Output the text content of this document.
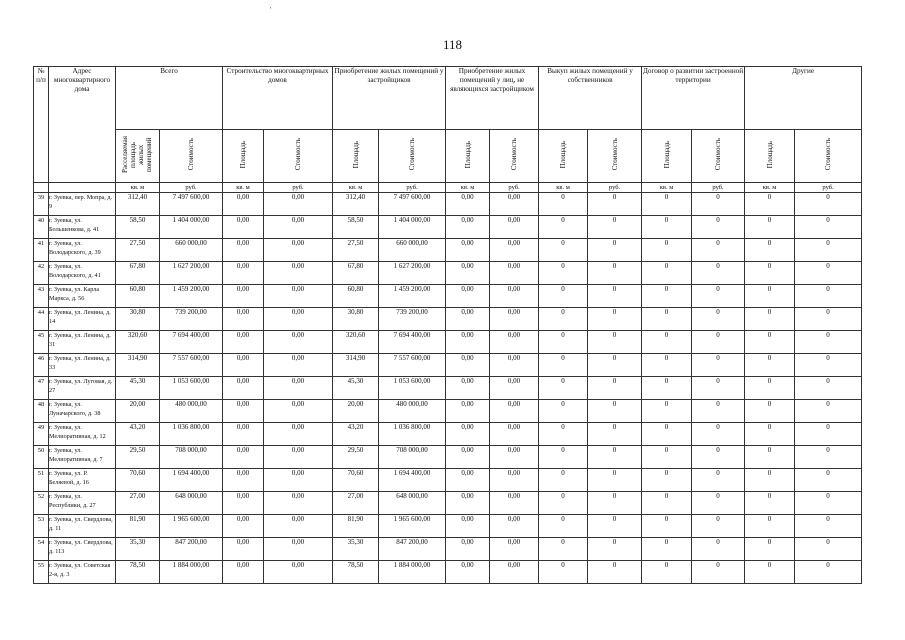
118
№ п/п	Адрес многоквартирного дома	Всего		Строительство многоквартирных домов		Приобретение жилых помещений у застройщиков		Приобретение жилых помещений у лиц, не являющихся застройщиком		Выкуп жилых помещений у собственников		Договор о развитии застроенной территории		Другие	
		Расселяемая площадь жилых помещений	Стоимость	Площадь	Стоимость	Площадь	Стоимость	Площадь	Стоимость	Площадь	Стоимость	Площадь	Стоимость	Площадь	Стоимость
		кв. м	руб.	кв. м	руб.	кв. м	руб.	кв. м	руб.	кв. м	руб.	кв. м	руб.	кв. м	руб.
39	г. Зуевка, пер. Мопра, д. 9	312,40	7 497 600,00	0,00	0,00	312,40	7 497 600,00	0,00	0,00	0	0	0	0	0	0
40	г. Зуевка, ул. Большенкова, д. 41	58,50	1 404 000,00	0,00	0,00	58,50	1 404 000,00	0,00	0,00	0	0	0	0	0	0
41	г. Зуевка, ул. Володарского, д. 39	27,50	660 000,00	0,00	0,00	27,50	660 000,00	0,00	0,00	0	0	0	0	0	0
42	г. Зуевка, ул. Володарского, д. 41	67,80	1 627 200,00	0,00	0,00	67,80	1 627 200,00	0,00	0,00	0	0	0	0	0	0
43	г. Зуевка, ул. Карла Маркса, д. 56	60,80	1 459 200,00	0,00	0,00	60,80	1 459 200,00	0,00	0,00	0	0	0	0	0	0
44	г. Зуевка, ул. Ленина, д. 14	30,80	739 200,00	0,00	0,00	30,80	739 200,00	0,00	0,00	0	0	0	0	0	0
45	г. Зуевка, ул. Ленина, д. 31	320,60	7 694 400,00	0,00	0,00	320,60	7 694 400,00	0,00	0,00	0	0	0	0	0	0
46	г. Зуевка, ул. Ленина, д. 33	314,90	7 557 600,00	0,00	0,00	314,90	7 557 600,00	0,00	0,00	0	0	0	0	0	0
47	г. Зуевка, ул. Луговая, д. 27	45,30	1 053 600,00	0,00	0,00	45,30	1 053 600,00	0,00	0,00	0	0	0	0	0	0
48	г. Зуевка, ул. Луначарского, д. 38	20,00	480 000,00	0,00	0,00	20,00	480 000,00	0,00	0,00	0	0	0	0	0	0
49	г. Зуевка, ул. Мелиоративная, д. 12	43,20	1 036 800,00	0,00	0,00	43,20	1 036 800,00	0,00	0,00	0	0	0	0	0	0
50	г. Зуевка, ул. Мелиоративная, д. 7	29,50	708 000,00	0,00	0,00	29,50	708 000,00	0,00	0,00	0	0	0	0	0	0
51	г. Зуевка, ул. Р. Беляевой, д. 16	70,60	1 694 400,00	0,00	0,00	70,60	1 694 400,00	0,00	0,00	0	0	0	0	0	0
52	г. Зуевка, ул. Республики, д. 27	27,00	648 000,00	0,00	0,00	27,00	648 000,00	0,00	0,00	0	0	0	0	0	0
53	г. Зуевка, ул. Свердлова, д. 11	81,90	1 965 600,00	0,00	0,00	81,90	1 965 600,00	0,00	0,00	0	0	0	0	0	0
54	г. Зуевка, ул. Свердлова, д. 113	35,30	847 200,00	0,00	0,00	35,30	847 200,00	0,00	0,00	0	0	0	0	0	0
55	г. Зуевка, ул. Советская 2-я, д. 3	78,50	1 884 000,00	0,00	0,00	78,50	1 884 000,00	0,00	0,00	0	0	0	0	0	0
'
